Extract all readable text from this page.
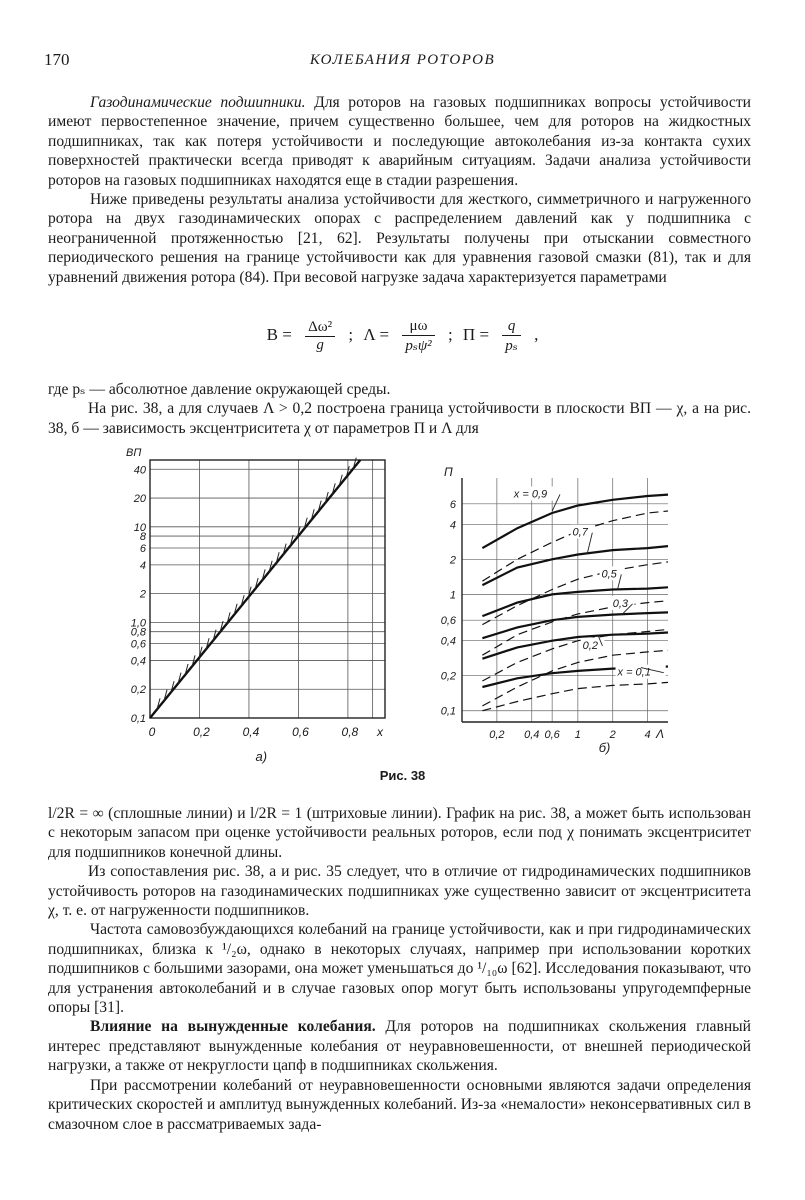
170	КОЛЕБАНИЯ РОТОРОВ

Газодинамические подшипники. Для роторов на газовых подшипниках вопросы устойчивости имеют первостепенное значение, причем существенно большее, чем для роторов на жидкостных подшипниках, так как потеря устойчивости и последующие автоколебания из-за контакта сухих поверхностей практически всегда приводят к аварийным ситуациям. Задачи анализа устойчивости роторов на газовых подшипниках находятся еще в стадии разрешения.

Ниже приведены результаты анализа устойчивости для жесткого, симметричного и нагруженного ротора на двух газодинамических опорах с распределением давлений как у подшипника с неограниченной протяженностью [21, 62]. Результаты получены при отыскании совместного периодического решения на границе устойчивости как для уравнения газовой смазки (81), так и для уравнений движения ротора (84). При весовой нагрузке задача характеризуется параметрами

$В = \frac{\text{Δω²}}{g}$ ; $\Lambda = \frac{\mu\omega}{\text{pₛψ²}}$ ; $П = \frac{q}{\text{pₛ}}$ ,

где pₛ — абсолютное давление окружающей среды.

На рис. 38, а для случаев Λ > 0,2 построена граница устойчивости в плоскости ВП — χ, а на рис. 38, б — зависимость эксцентриситета χ от параметров П и Λ для

40
20
10
8
6
4
2
1,0
0,8
0,6
0,4
0,2
0,1
0	0,2	0,4	0,6	0,8
ВП
х
а)
6
4
2
1
0,6
0,4
0,2
0,1
0,2 0,4 0,6 1	2	4
П
Λ
б)
х = 0,9
0,7
0,5
0,3
0,2
х = 0,1
Рис. 38

l/2R = ∞ (сплошные линии) и l/2R = 1 (штриховые линии). График на рис. 38, а может быть использован с некоторым запасом при оценке устойчивости реальных роторов, если под χ понимать эксцентриситет для подшипников конечной длины.

Из сопоставления рис. 38, а и рис. 35 следует, что в отличие от гидродинамических подшипников устойчивость роторов на газодинамических подшипниках уже существенно зависит от эксцентриситета χ, т. е. от нагруженности подшипников.

Частота самовозбуждающихся колебаний на границе устойчивости, как и при гидродинамических подшипниках, близка к ¹/₂ω, однако в некоторых случаях, например при использовании коротких подшипников с большими зазорами, она может уменьшаться до ¹/₁₀ω [62]. Исследования показывают, что для устранения автоколебаний и в случае газовых опор могут быть использованы упругодемпферные опоры [31].

Влияние на вынужденные колебания. Для роторов на подшипниках скольжения главный интерес представляют вынужденные колебания от неуравновешенности, от внешней периодической нагрузки, а также от некруглости цапф в подшипниках скольжения.

При рассмотрении колебаний от неуравновешенности основными являются задачи определения критических скоростей и амплитуд вынужденных колебаний. Из-за «немалости» неконсервативных сил в смазочном слое в рассматриваемых зада-
